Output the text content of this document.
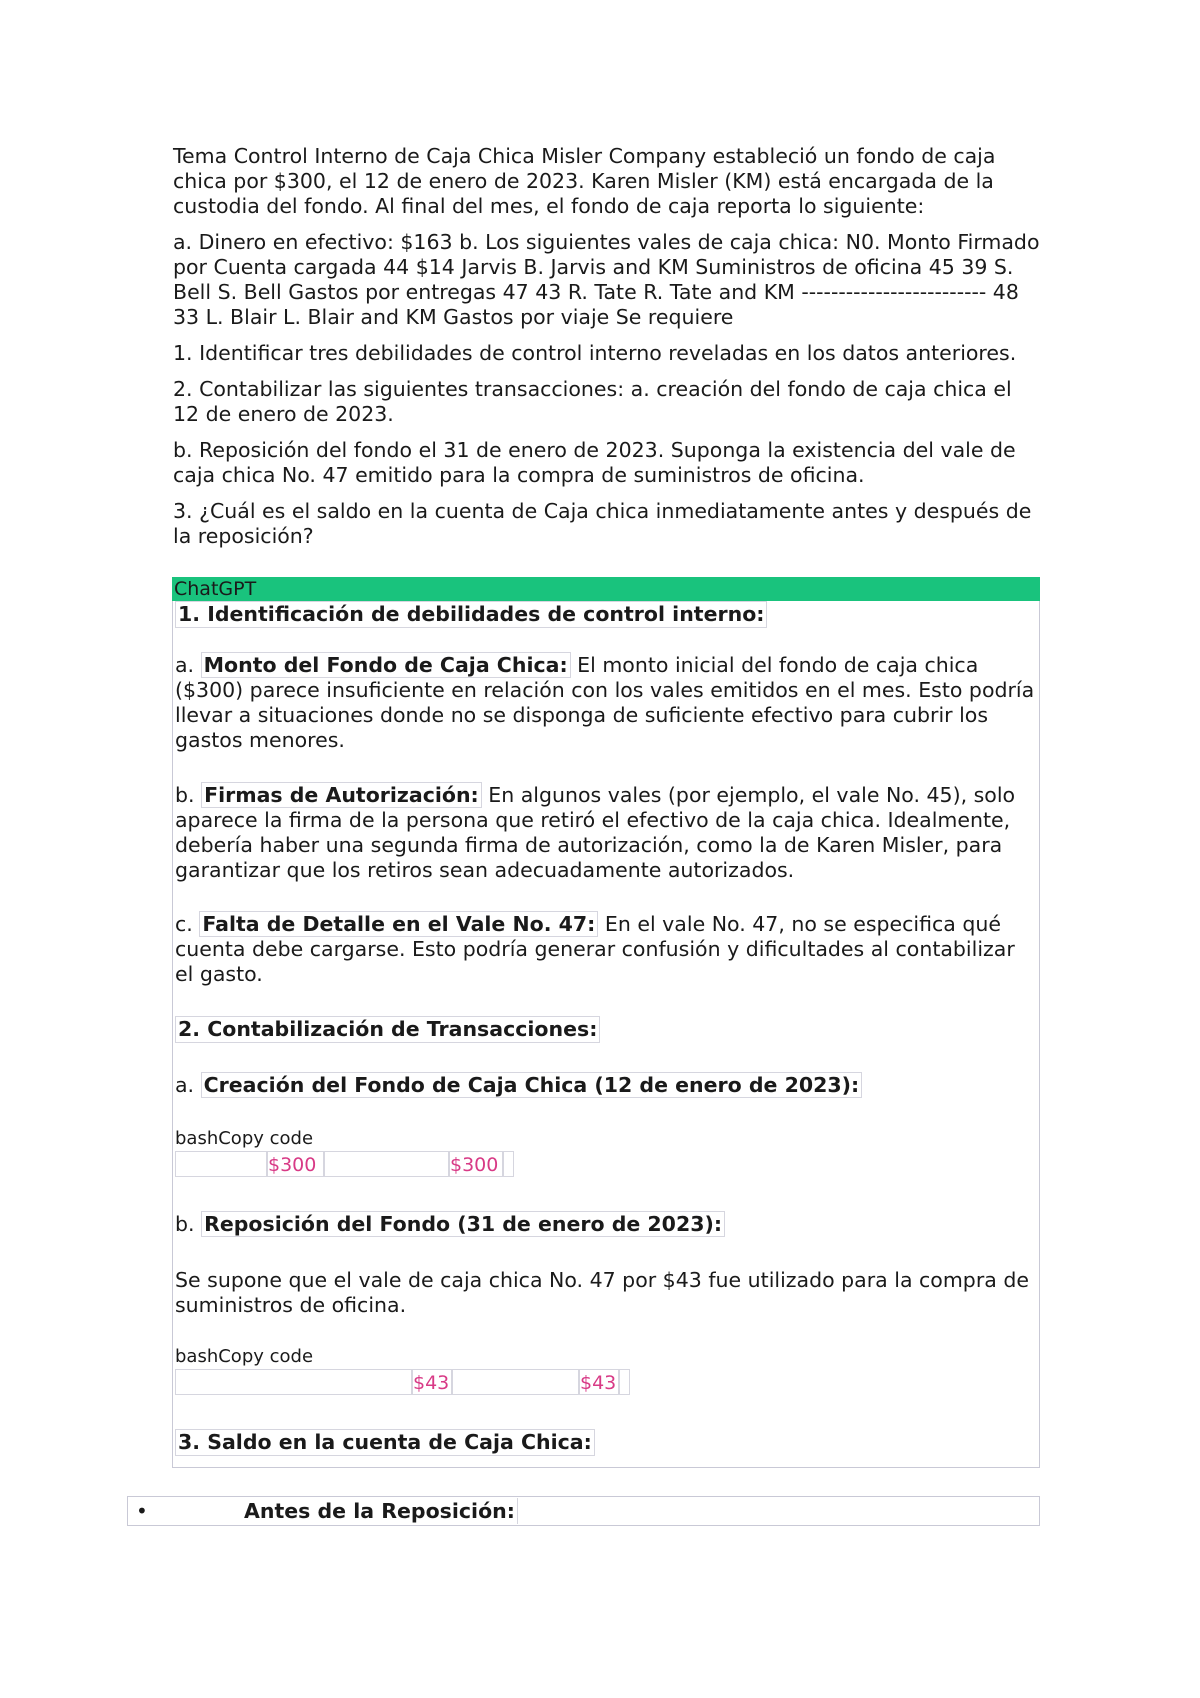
Tema Control Interno de Caja Chica Misler Company estableció un fondo de caja chica por $300, el 12 de enero de 2023. Karen Misler (KM) está encargada de la custodia del fondo. Al final del mes, el fondo de caja reporta lo siguiente:

a. Dinero en efectivo: $163 b. Los siguientes vales de caja chica: N0. Monto Firmado por Cuenta cargada 44 $14 Jarvis B. Jarvis and KM Suministros de oficina 45 39 S. Bell S. Bell Gastos por entregas 47 43 R. Tate R. Tate and KM ------------------------- 48 33 L. Blair L. Blair and KM Gastos por viaje Se requiere

1. Identificar tres debilidades de control interno reveladas en los datos anteriores.

2. Contabilizar las siguientes transacciones: a. creación del fondo de caja chica el 12 de enero de 2023.

b. Reposición del fondo el 31 de enero de 2023. Suponga la existencia del vale de caja chica No. 47 emitido para la compra de suministros de oficina.

3. ¿Cuál es el saldo en la cuenta de Caja chica inmediatamente antes y después de la reposición?

ChatGPT
1. Identificación de debilidades de control interno:
a. Monto del Fondo de Caja Chica: El monto inicial del fondo de caja chica ($300) parece insuficiente en relación con los vales emitidos en el mes. Esto podría llevar a situaciones donde no se disponga de suficiente efectivo para cubrir los gastos menores.
b. Firmas de Autorización: En algunos vales (por ejemplo, el vale No. 45), solo aparece la firma de la persona que retiró el efectivo de la caja chica. Idealmente, debería haber una segunda firma de autorización, como la de Karen Misler, para garantizar que los retiros sean adecuadamente autorizados.
c. Falta de Detalle en el Vale No. 47: En el vale No. 47, no se especifica qué cuenta debe cargarse. Esto podría generar confusión y dificultades al contabilizar el gasto.
2. Contabilización de Transacciones:
a. Creación del Fondo de Caja Chica (12 de enero de 2023):
bashCopy code
$300	$300
b. Reposición del Fondo (31 de enero de 2023):
Se supone que el vale de caja chica No. 47 por $43 fue utilizado para la compra de suministros de oficina.
bashCopy code
$43	$43
3. Saldo en la cuenta de Caja Chica:
•	Antes de la Reposición:
